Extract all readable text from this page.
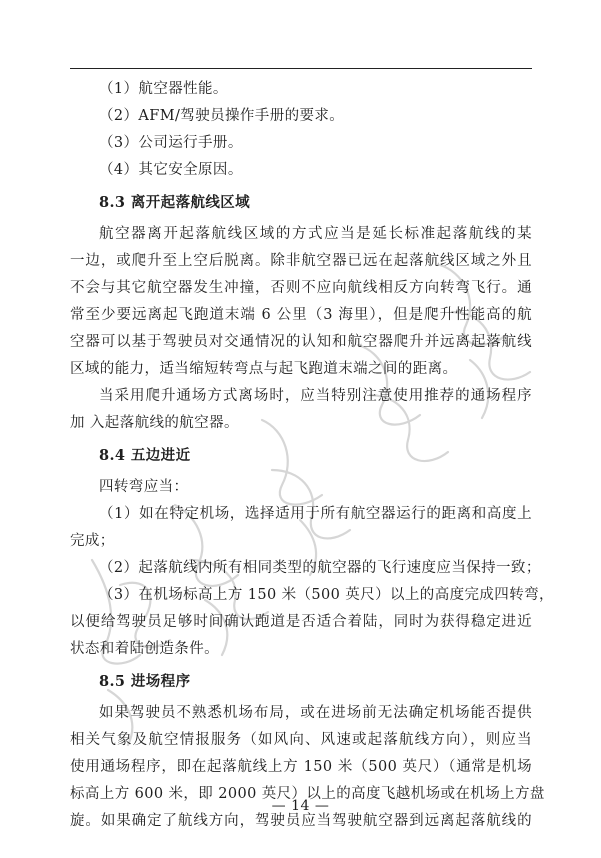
（1）航空器性能。
（2）AFM/驾驶员操作手册的要求。
（3）公司运行手册。
（4）其它安全原因。
8.3 离开起落航线区域
航空器离开起落航线区域的方式应当是延长标准起落航线的某
一边，或爬升至上空后脱离。除非航空器已远在起落航线区域之外且
不会与其它航空器发生冲撞，否则不应向航线相反方向转弯飞行。通
常至少要远离起飞跑道末端 6 公里（3 海里），但是爬升性能高的航
空器可以基于驾驶员对交通情况的认知和航空器爬升并远离起落航线
区域的能力，适当缩短转弯点与起飞跑道末端之间的距离。
当采用爬升通场方式离场时，应当特别注意使用推荐的通场程序
加 入起落航线的航空器。
8.4 五边进近
四转弯应当：
（1）如在特定机场，选择适用于所有航空器运行的距离和高度上
完成；
（2）起落航线内所有相同类型的航空器的飞行速度应当保持一致；
（3）在机场标高上方 150 米（500 英尺）以上的高度完成四转弯，
以便给驾驶员足够时间确认跑道是否适合着陆，同时为获得稳定进近
状态和着陆创造条件。
8.5 进场程序
如果驾驶员不熟悉机场布局，或在进场前无法确定机场能否提供
相关气象及航空情报服务（如风向、风速或起落航线方向），则应当
使用通场程序，即在起落航线上方 150 米（500 英尺）（通常是机场
标高上方 600 米，即 2000 英尺）以上的高度飞越机场或在机场上方盘
旋。如果确定了航线方向，驾驶员应当驾驶航空器到远离起落航线的
— 14 —
